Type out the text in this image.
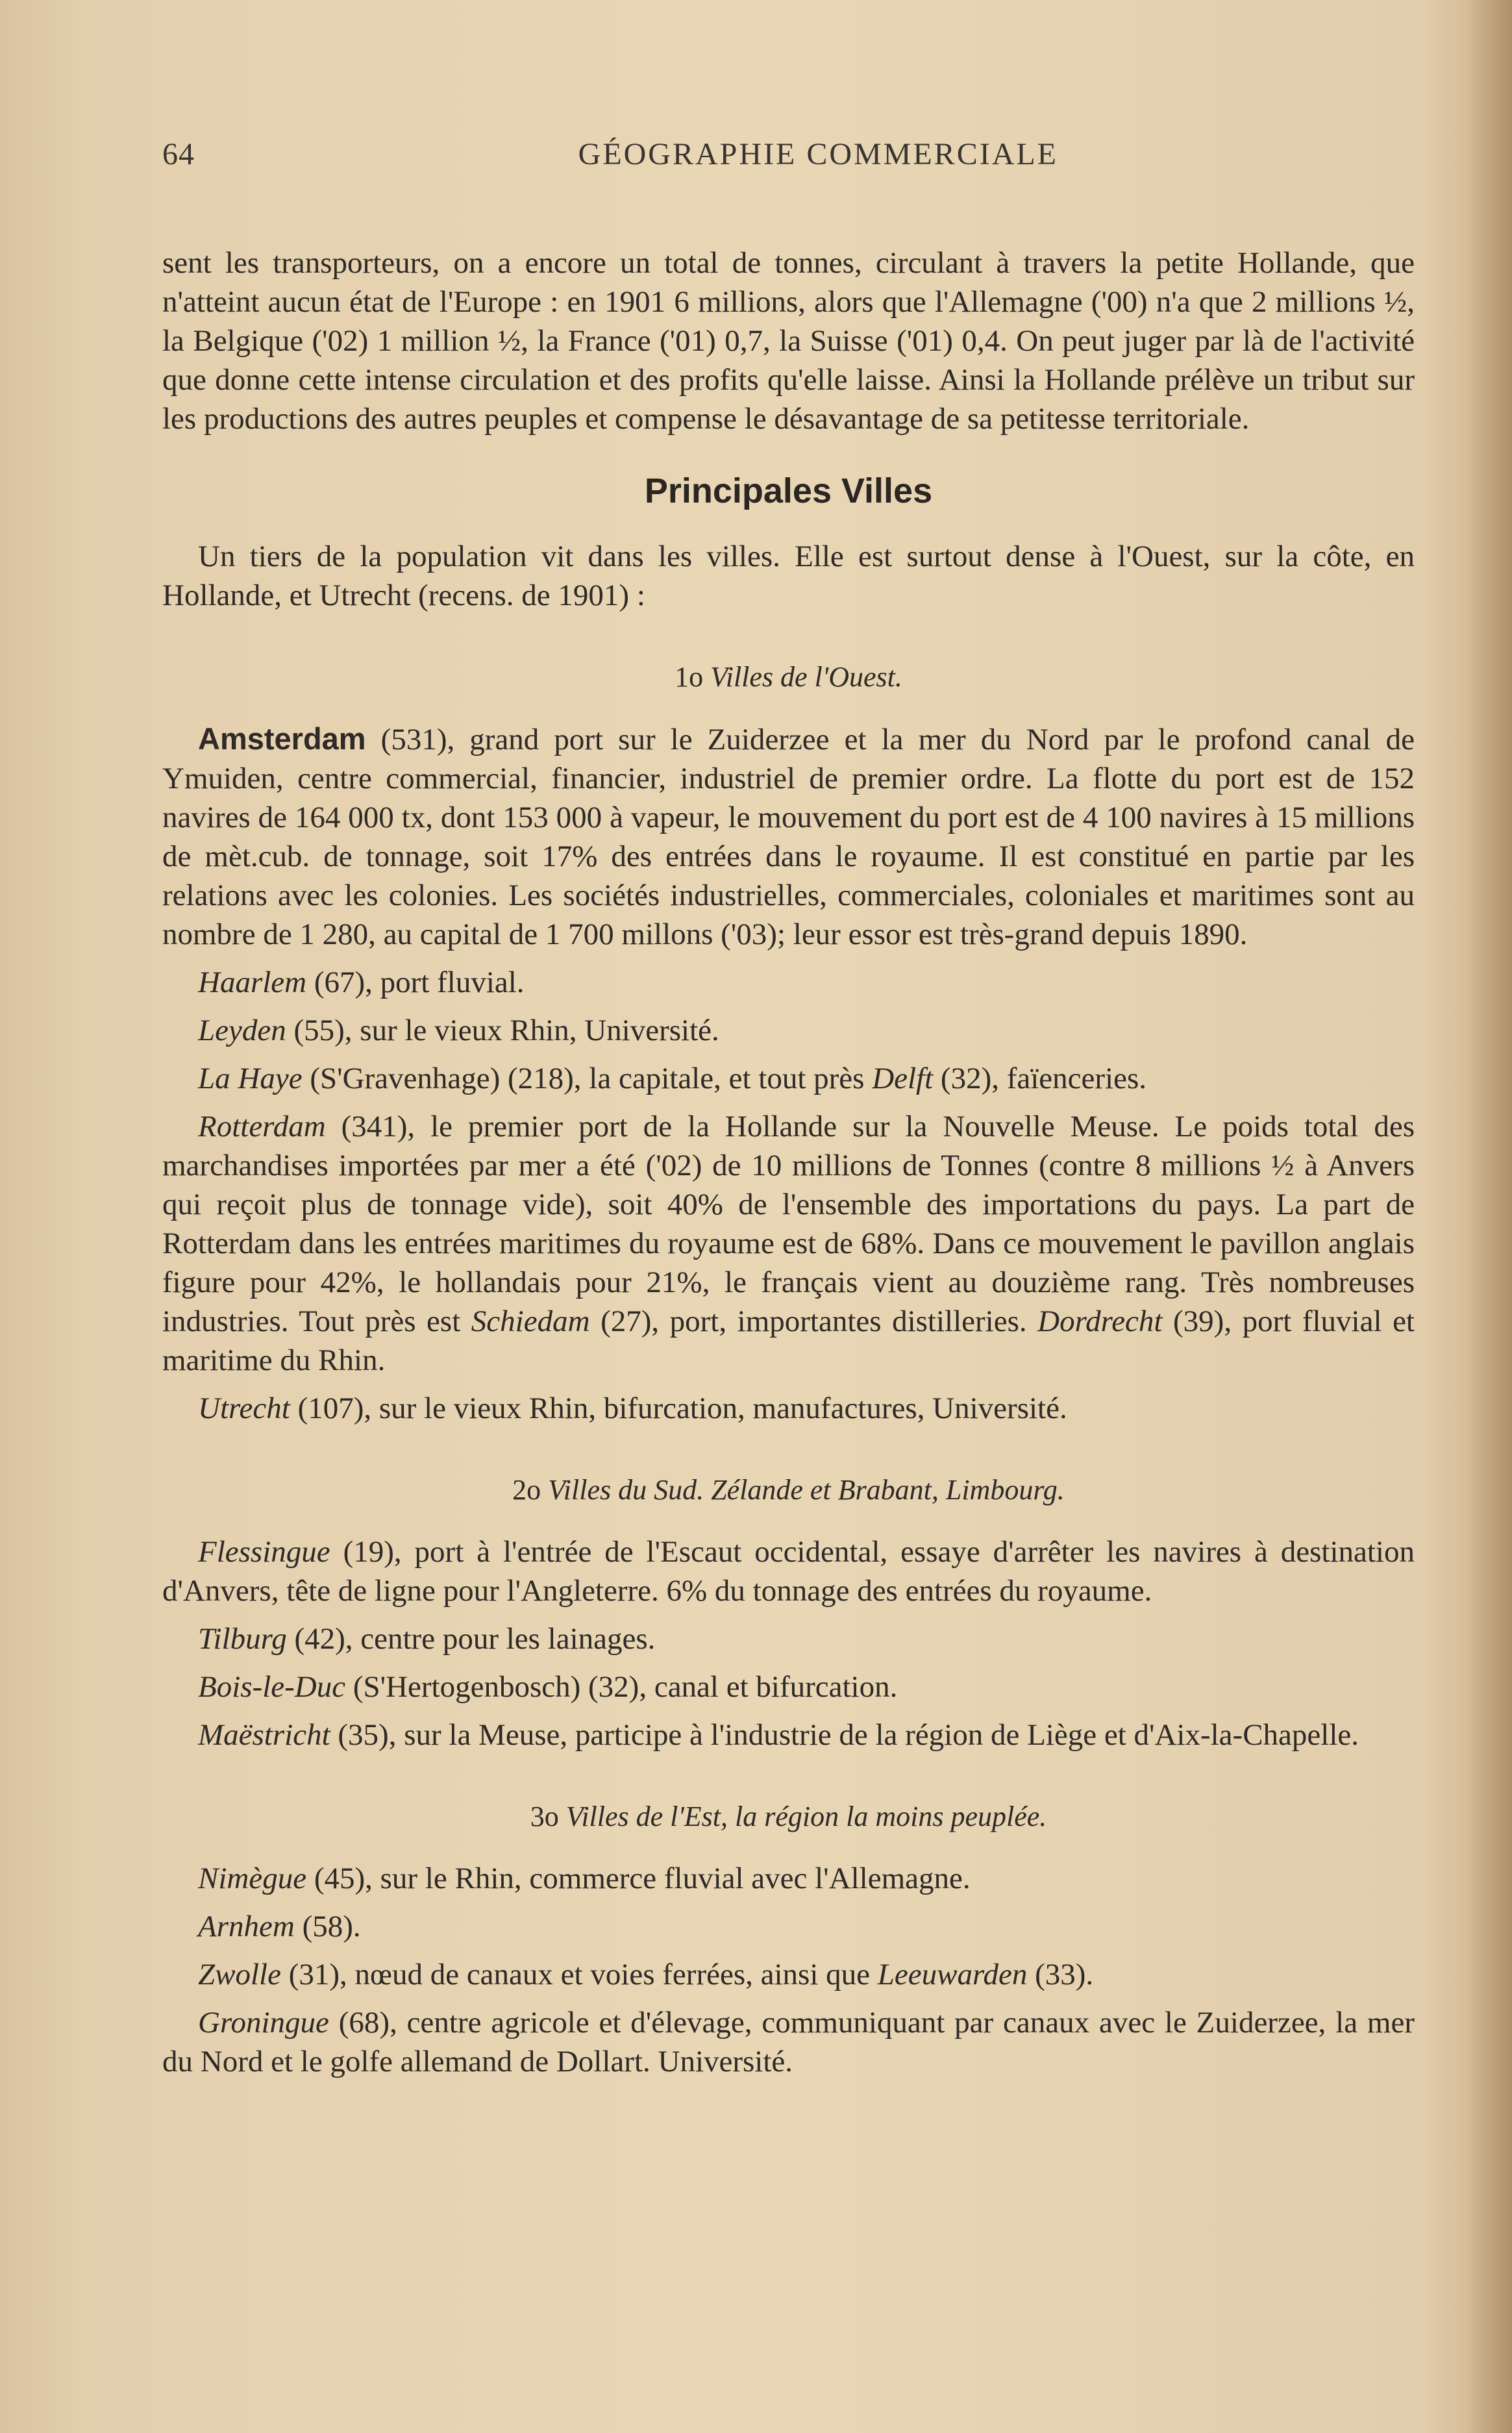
64	GÉOGRAPHIE COMMERCIALE

sent les transporteurs, on a encore un total de tonnes, circulant à travers la petite Hollande, que n'atteint aucun état de l'Europe : en 1901 6 millions, alors que l'Allemagne ('00) n'a que 2 millions ½, la Belgique ('02) 1 million ½, la France ('01) 0,7, la Suisse ('01) 0,4. On peut juger par là de l'activité que donne cette intense circulation et des profits qu'elle laisse. Ainsi la Hollande prélève un tribut sur les productions des autres peuples et compense le désavantage de sa petitesse territoriale.

Principales Villes

Un tiers de la population vit dans les villes. Elle est surtout dense à l'Ouest, sur la côte, en Hollande, et Utrecht (recens. de 1901) :

1o Villes de l'Ouest.

Amsterdam (531), grand port sur le Zuiderzee et la mer du Nord par le profond canal de Ymuiden, centre commercial, financier, industriel de premier ordre. La flotte du port est de 152 navires de 164 000 tx, dont 153 000 à vapeur, le mouvement du port est de 4 100 navires à 15 millions de mèt.cub. de tonnage, soit 17% des entrées dans le royaume. Il est constitué en partie par les relations avec les colonies. Les sociétés industrielles, commerciales, coloniales et maritimes sont au nombre de 1 280, au capital de 1 700 millons ('03); leur essor est très-grand depuis 1890.

Haarlem (67), port fluvial.

Leyden (55), sur le vieux Rhin, Université.

La Haye (S'Gravenhage) (218), la capitale, et tout près Delft (32), faïenceries.

Rotterdam (341), le premier port de la Hollande sur la Nouvelle Meuse. Le poids total des marchandises importées par mer a été ('02) de 10 millions de Tonnes (contre 8 millions ½ à Anvers qui reçoit plus de tonnage vide), soit 40% de l'ensemble des importations du pays. La part de Rotterdam dans les entrées maritimes du royaume est de 68%. Dans ce mouvement le pavillon anglais figure pour 42%, le hollandais pour 21%, le français vient au douzième rang. Très nombreuses industries. Tout près est Schiedam (27), port, importantes distilleries. Dordrecht (39), port fluvial et maritime du Rhin.

Utrecht (107), sur le vieux Rhin, bifurcation, manufactures, Université.

2o Villes du Sud. Zélande et Brabant, Limbourg.

Flessingue (19), port à l'entrée de l'Escaut occidental, essaye d'arrêter les navires à destination d'Anvers, tête de ligne pour l'Angleterre. 6% du tonnage des entrées du royaume.

Tilburg (42), centre pour les lainages.

Bois-le-Duc (S'Hertogenbosch) (32), canal et bifurcation.

Maëstricht (35), sur la Meuse, participe à l'industrie de la région de Liège et d'Aix-la-Chapelle.

3o Villes de l'Est, la région la moins peuplée.

Nimègue (45), sur le Rhin, commerce fluvial avec l'Allemagne.

Arnhem (58).

Zwolle (31), nœud de canaux et voies ferrées, ainsi que Leeuwarden (33).

Groningue (68), centre agricole et d'élevage, communiquant par canaux avec le Zuiderzee, la mer du Nord et le golfe allemand de Dollart. Université.
